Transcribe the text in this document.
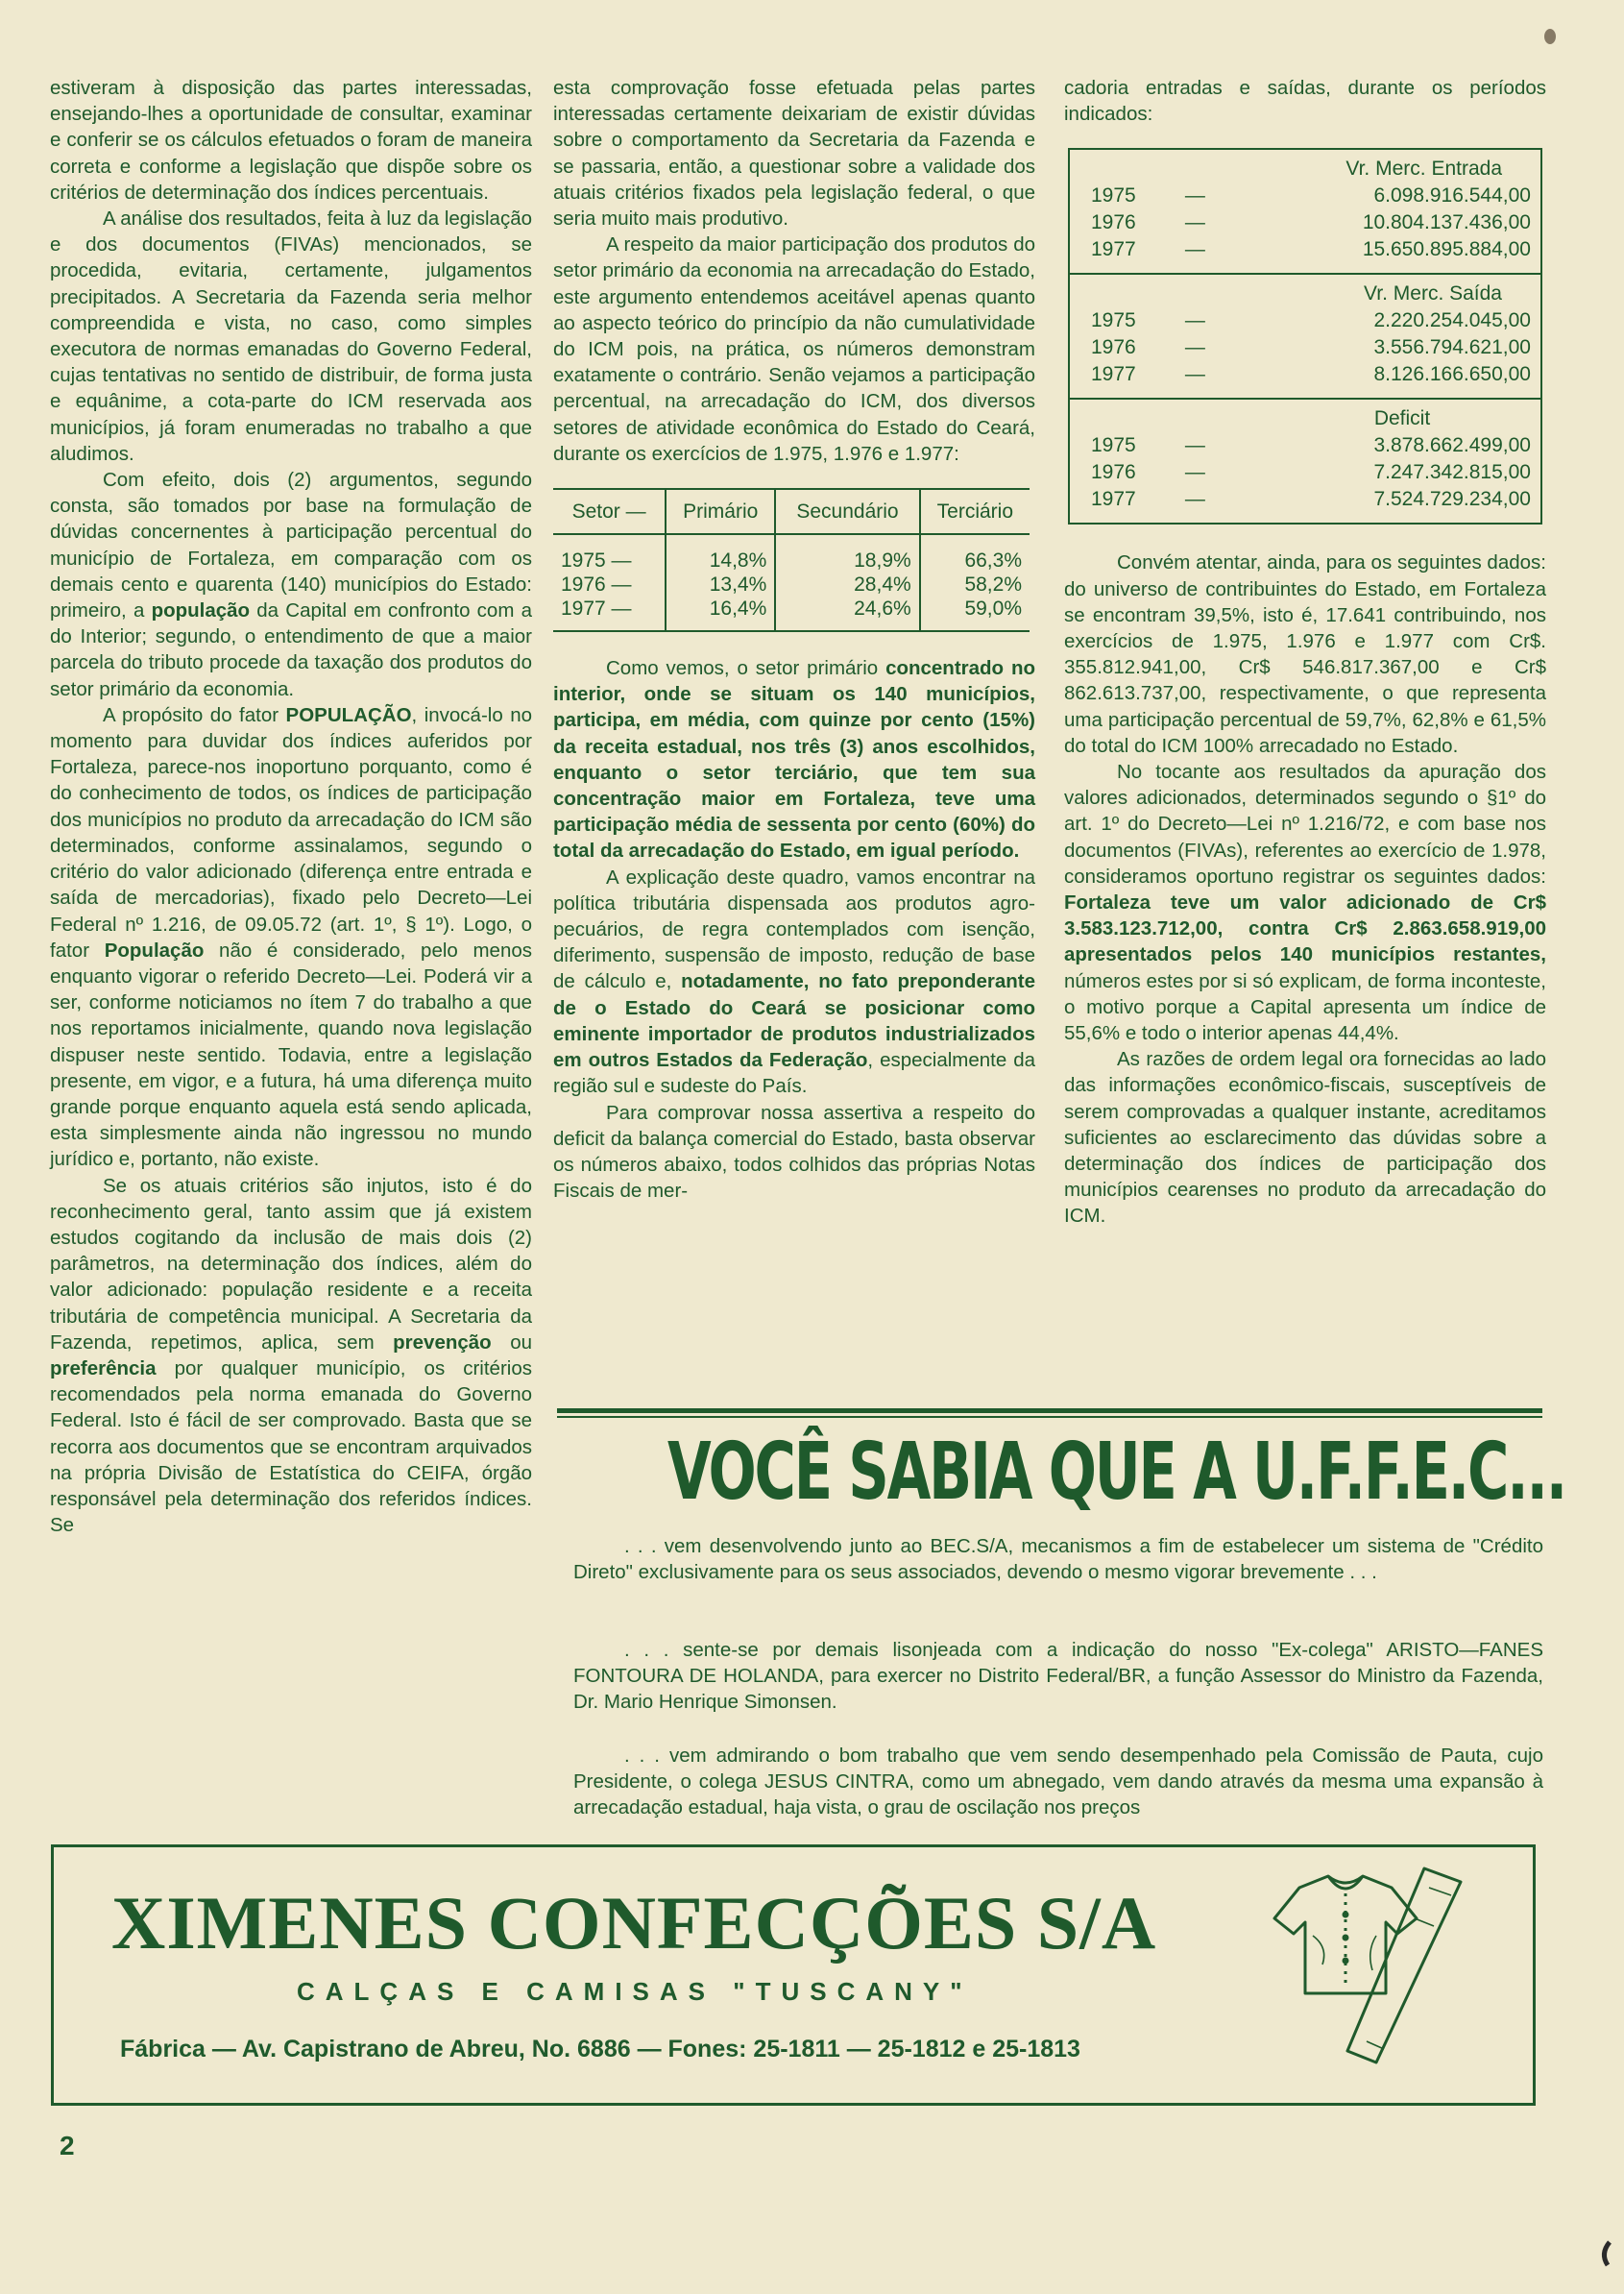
estiveram à disposição das partes interessadas, ensejando-lhes a oportunidade de consultar, examinar e conferir se os cálculos efetuados o foram de maneira correta e conforme a legislação que dispõe sobre os critérios de determinação dos índices percentuais.

A análise dos resultados, feita à luz da legislação e dos documentos (FIVAs) mencionados, se procedida, evitaria, certamente, julgamentos precipitados. A Secretaria da Fazenda seria melhor compreendida e vista, no caso, como simples executora de normas emanadas do Governo Federal, cujas tentativas no sentido de distribuir, de forma justa e equânime, a cota-parte do ICM reservada aos municípios, já foram enumeradas no trabalho a que aludimos.

Com efeito, dois (2) argumentos, segundo consta, são tomados por base na formulação de dúvidas concernentes à participação percentual do município de Fortaleza, em comparação com os demais cento e quarenta (140) municípios do Estado: primeiro, a população da Capital em confronto com a do Interior; segundo, o entendimento de que a maior parcela do tributo procede da taxação dos produtos do setor primário da economia.

A propósito do fator POPULAÇÃO, invocá-lo no momento para duvidar dos índices auferidos por Fortaleza, parece-nos inoportuno porquanto, como é do conhecimento de todos, os índices de participação dos municípios no produto da arrecadação do ICM são determinados, conforme assinalamos, segundo o critério do valor adicionado (diferença entre entrada e saída de mercadorias), fixado pelo Decreto—Lei Federal nº 1.216, de 09.05.72 (art. 1º, § 1º). Logo, o fator População não é considerado, pelo menos enquanto vigorar o referido Decreto—Lei. Poderá vir a ser, conforme noticiamos no ítem 7 do trabalho a que nos reportamos inicialmente, quando nova legislação dispuser neste sentido. Todavia, entre a legislação presente, em vigor, e a futura, há uma diferença muito grande porque enquanto aquela está sendo aplicada, esta simplesmente ainda não ingressou no mundo jurídico e, portanto, não existe.

Se os atuais critérios são injutos, isto é do reconhecimento geral, tanto assim que já existem estudos cogitando da inclusão de mais dois (2) parâmetros, na determinação dos índices, além do valor adicionado: população residente e a receita tributária de competência municipal. A Secretaria da Fazenda, repetimos, aplica, sem prevenção ou preferência por qualquer município, os critérios recomendados pela norma emanada do Governo Federal. Isto é fácil de ser comprovado. Basta que se recorra aos documentos que se encontram arquivados na própria Divisão de Estatística do CEIFA, órgão responsável pela determinação dos referidos índices. Se

esta comprovação fosse efetuada pelas partes interessadas certamente deixariam de existir dúvidas sobre o comportamento da Secretaria da Fazenda e se passaria, então, a questionar sobre a validade dos atuais critérios fixados pela legislação federal, o que seria muito mais produtivo.

A respeito da maior participação dos produtos do setor primário da economia na arrecadação do Estado, este argumento entendemos aceitável apenas quanto ao aspecto teórico do princípio da não cumulatividade do ICM pois, na prática, os números demonstram exatamente o contrário. Senão vejamos a participação percentual, na arrecadação do ICM, dos diversos setores de atividade econômica do Estado do Ceará, durante os exercícios de 1.975, 1.976 e 1.977:

Setor —	Primário	Secundário	Terciário
1975 —	14,8%	18,9%	66,3%
1976 —	13,4%	28,4%	58,2%
1977 —	16,4%	24,6%	59,0%

Como vemos, o setor primário concentrado no interior, onde se situam os 140 municípios, participa, em média, com quinze por cento (15%) da receita estadual, nos três (3) anos escolhidos, enquanto o setor terciário, que tem sua concentração maior em Fortaleza, teve uma participação média de sessenta por cento (60%) do total da arrecadação do Estado, em igual período.

A explicação deste quadro, vamos encontrar na política tributária dispensada aos produtos agro-pecuários, de regra contemplados com isenção, diferimento, suspensão de imposto, redução de base de cálculo e, notadamente, no fato preponderante de o Estado do Ceará se posicionar como eminente importador de produtos industrializados em outros Estados da Federação, especialmente da região sul e sudeste do País.

Para comprovar nossa assertiva a respeito do deficit da balança comercial do Estado, basta observar os números abaixo, todos colhidos das próprias Notas Fiscais de mer-

cadoria entradas e saídas, durante os períodos indicados:

Vr. Merc. Entrada
1975	—	6.098.916.544,00
1976	—	10.804.137.436,00
1977	—	15.650.895.884,00
Vr. Merc. Saída
1975	—	2.220.254.045,00
1976	—	3.556.794.621,00
1977	—	8.126.166.650,00
Deficit
1975	—	3.878.662.499,00
1976	—	7.247.342.815,00
1977	—	7.524.729.234,00

Convém atentar, ainda, para os seguintes dados: do universo de contribuintes do Estado, em Fortaleza se encontram 39,5%, isto é, 17.641 contribuindo, nos exercícios de 1.975, 1.976 e 1.977 com Cr$. 355.812.941,00, Cr$ 546.817.367,00 e Cr$ 862.613.737,00, respectivamente, o que representa uma participação percentual de 59,7%, 62,8% e 61,5% do total do ICM 100% arrecadado no Estado.

No tocante aos resultados da apuração dos valores adicionados, determinados segundo o §1º do art. 1º do Decreto—Lei nº 1.216/72, e com base nos documentos (FIVAs), referentes ao exercício de 1.978, consideramos oportuno registrar os seguintes dados: Fortaleza teve um valor adicionado de Cr$ 3.583.123.712,00, contra Cr$ 2.863.658.919,00 apresentados pelos 140 municípios restantes, números estes por si só explicam, de forma inconteste, o motivo porque a Capital apresenta um índice de 55,6% e todo o interior apenas 44,4%.

As razões de ordem legal ora fornecidas ao lado das informações econômico-fiscais, susceptíveis de serem comprovadas a qualquer instante, acreditamos suficientes ao esclarecimento das dúvidas sobre a determinação dos índices de participação dos municípios cearenses no produto da arrecadação do ICM.

VOCÊ SABIA QUE A U.F.F.E.C...

. . . vem desenvolvendo junto ao BEC.S/A, mecanismos a fim de estabelecer um sistema de "Crédito Direto" exclusivamente para os seus associados, devendo o mesmo vigorar brevemente . . .

. . . sente-se por demais lisonjeada com a indicação do nosso "Ex-colega" ARISTO—FANES FONTOURA DE HOLANDA, para exercer no Distrito Federal/BR, a função Assessor do Ministro da Fazenda, Dr. Mario Henrique Simonsen.

. . . vem admirando o bom trabalho que vem sendo desempenhado pela Comissão de Pauta, cujo Presidente, o colega JESUS CINTRA, como um abnegado, vem dando através da mesma uma expansão à arrecadação estadual, haja vista, o grau de oscilação nos preços

XIMENES CONFECÇÕES S/A
CALÇAS E CAMISAS "TUSCANY"
Fábrica — Av. Capistrano de Abreu, No. 6886 — Fones: 25-1811 — 25-1812 e 25-1813
2
